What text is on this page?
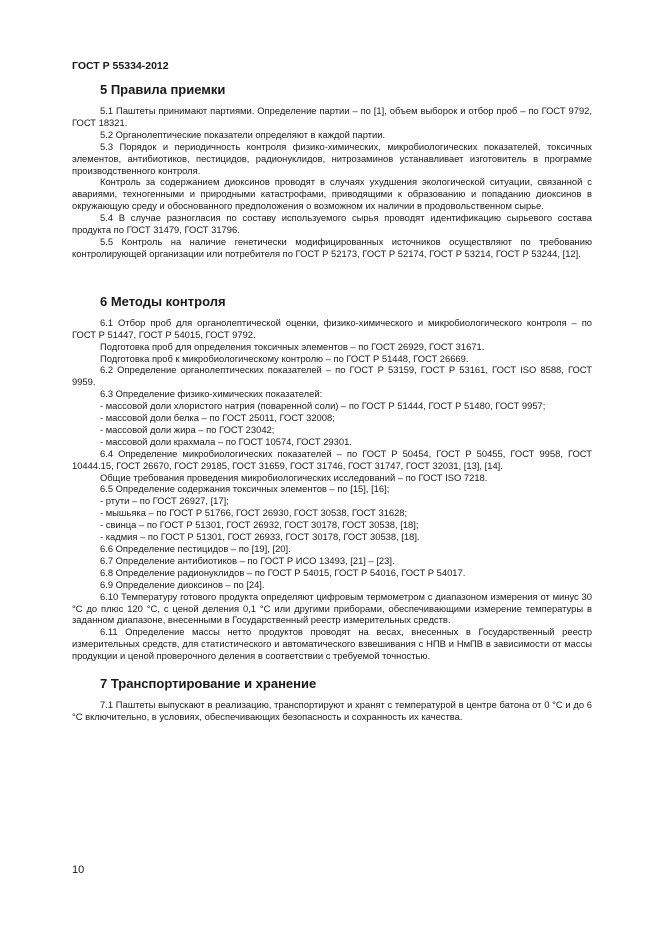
ГОСТ Р 55334-2012
5 Правила приемки

5.1 Паштеты принимают партиями. Определение партии – по [1], объем выборок и отбор проб – по ГОСТ 9792, ГОСТ 18321.

5.2 Органолептические показатели определяют в каждой партии.

5.3 Порядок и периодичность контроля физико-химических, микробиологических показателей, токсичных элементов, антибиотиков, пестицидов, радионуклидов, нитрозаминов устанавливает изготовитель в программе производственного контроля.

Контроль за содержанием диоксинов проводят в случаях ухудшения экологической ситуации, связанной с авариями, техногенными и природными катастрофами, приводящими к образованию и попаданию диоксинов в окружающую среду и обоснованного предположения о возможном их наличии в продовольственном сырье.

5.4 В случае разногласия по составу используемого сырья проводят идентификацию сырьевого состава продукта по ГОСТ 31479, ГОСТ 31796.

5.5 Контроль на наличие генетически модифицированных источников осуществляют по требованию контролирующей организации или потребителя по ГОСТ Р 52173, ГОСТ Р 52174, ГОСТ Р 53214, ГОСТ Р 53244, [12].

6 Методы контроля

6.1 Отбор проб для органолептической оценки, физико-химического и микробиологического контроля – по ГОСТ Р 51447, ГОСТ Р 54015, ГОСТ 9792.

Подготовка проб для определения токсичных элементов – по ГОСТ 26929, ГОСТ 31671.

Подготовка проб к микробиологическому контролю – по ГОСТ Р 51448, ГОСТ 26669.

6.2 Определение органолептических показателей – по ГОСТ Р 53159, ГОСТ Р 53161, ГОСТ ISO 8588, ГОСТ 9959.

6.3 Определение физико-химических показателей:

- массовой доли хлористого натрия (поваренной соли) – по ГОСТ Р 51444, ГОСТ Р 51480, ГОСТ 9957;

- массовой доли белка – по ГОСТ 25011, ГОСТ 32008;

- массовой доли жира – по ГОСТ 23042;

- массовой доли крахмала – по ГОСТ 10574, ГОСТ 29301.

6.4 Определение микробиологических показателей – по ГОСТ Р 50454, ГОСТ Р 50455, ГОСТ 9958, ГОСТ 10444.15, ГОСТ 26670, ГОСТ 29185, ГОСТ 31659, ГОСТ 31746, ГОСТ 31747, ГОСТ 32031, [13], [14].

Общие требования проведения микробиологических исследований – по ГОСТ ISO 7218.

6.5 Определение содержания токсичных элементов – по [15], [16];

- ртути – по ГОСТ 26927, [17];

- мышьяка – по ГОСТ Р 51766, ГОСТ 26930, ГОСТ 30538, ГОСТ 31628;

- свинца – по ГОСТ Р 51301, ГОСТ 26932, ГОСТ 30178, ГОСТ 30538, [18];

- кадмия – по ГОСТ Р 51301, ГОСТ 26933, ГОСТ 30178, ГОСТ 30538, [18].

6.6 Определение пестицидов – по [19], [20].

6.7 Определение антибиотиков – по ГОСТ Р ИСО 13493, [21] – [23].

6.8 Определение радионуклидов – по ГОСТ Р 54015, ГОСТ Р 54016, ГОСТ Р 54017.

6.9 Определение диоксинов – по [24].

6.10 Температуру готового продукта определяют цифровым термометром с диапазоном измерения от минус 30 °С до плюс 120 °С, с ценой деления 0,1 °С или другими приборами, обеспечивающими измерение температуры в заданном диапазоне, внесенными в Государственный реестр измерительных средств.

6.11 Определение массы нетто продуктов проводят на весах, внесенных в Государственный реестр измерительных средств, для статистического и автоматического взвешивания с НПВ и НмПВ в зависимости от массы продукции и ценой проверочного деления в соответствии с требуемой точностью.

7 Транспортирование и хранение

7.1 Паштеты выпускают в реализацию, транспортируют и хранят с температурой в центре батона от 0 °С и до 6 °С включительно, в условиях, обеспечивающих безопасность и сохранность их качества.

10
